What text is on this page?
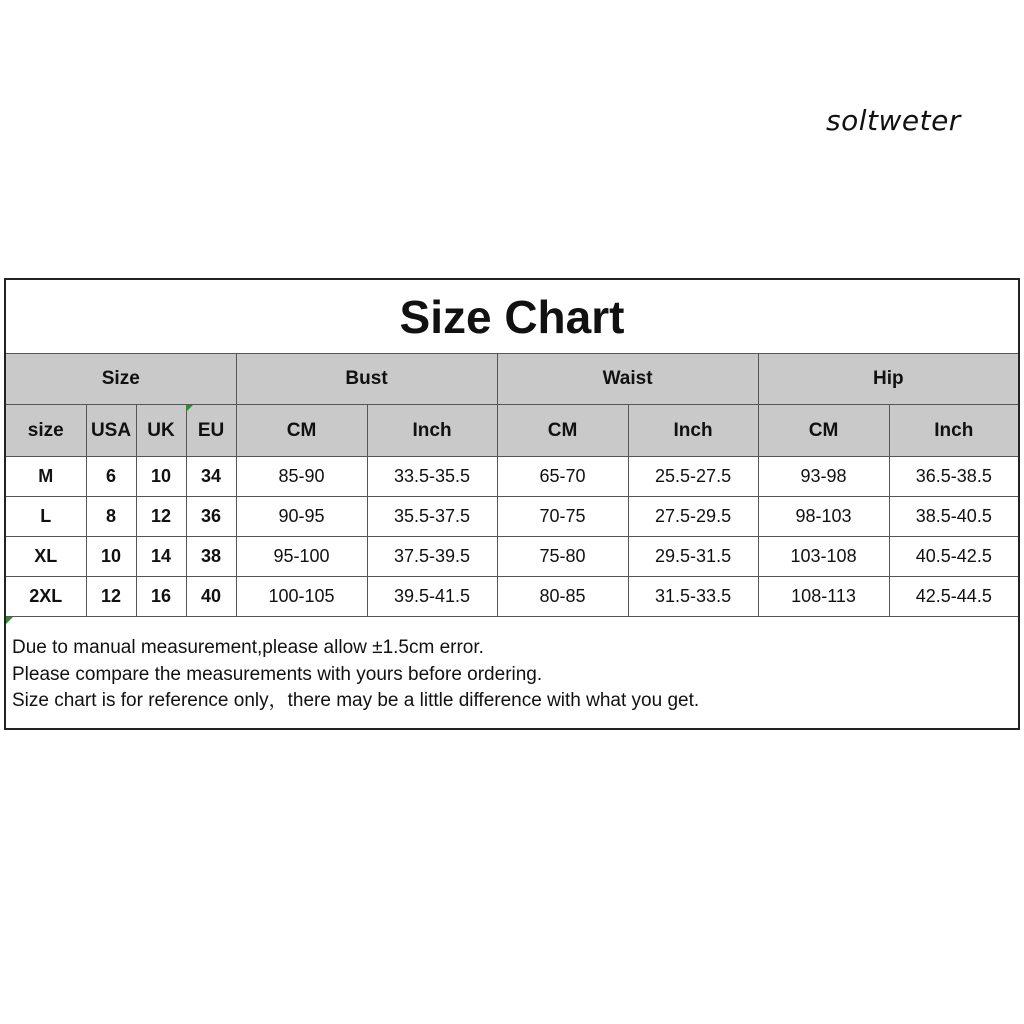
soltweter
Size Chart
Size				Bust		Waist		Hip	
size	USA	UK	EU	CM	Inch	CM	Inch	CM	Inch
M	6	10	34	85-90	33.5-35.5	65-70	25.5-27.5	93-98	36.5-38.5
L	8	12	36	90-95	35.5-37.5	70-75	27.5-29.5	98-103	38.5-40.5
XL	10	14	38	95-100	37.5-39.5	75-80	29.5-31.5	103-108	40.5-42.5
2XL	12	16	40	100-105	39.5-41.5	80-85	31.5-33.5	108-113	42.5-44.5
Due to manual measurement,please allow ±1.5cm error.
Please compare the measurements with yours before ordering.
Size chart is for reference only，there may be a little difference with what you get.
